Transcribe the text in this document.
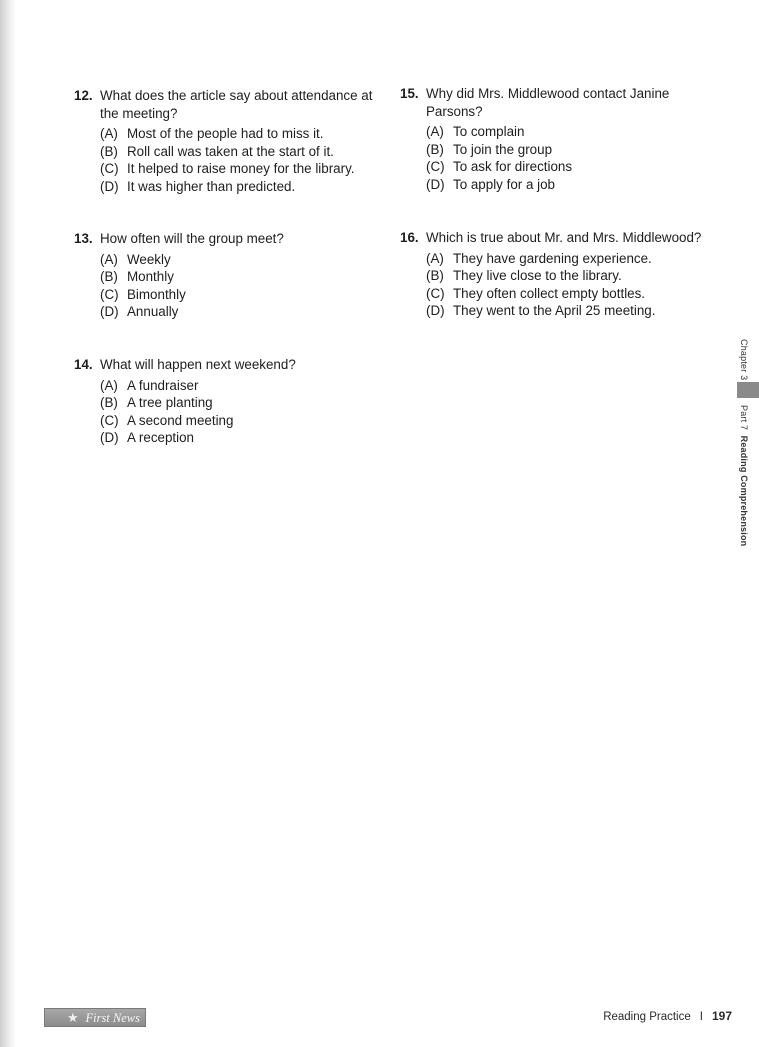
12. What does the article say about attendance at the meeting?
(A) Most of the people had to miss it.
(B) Roll call was taken at the start of it.
(C) It helped to raise money for the library.
(D) It was higher than predicted.
13. How often will the group meet?
(A) Weekly
(B) Monthly
(C) Bimonthly
(D) Annually
14. What will happen next weekend?
(A) A fundraiser
(B) A tree planting
(C) A second meeting
(D) A reception
15. Why did Mrs. Middlewood contact Janine Parsons?
(A) To complain
(B) To join the group
(C) To ask for directions
(D) To apply for a job
16. Which is true about Mr. and Mrs. Middlewood?
(A) They have gardening experience.
(B) They live close to the library.
(C) They often collect empty bottles.
(D) They went to the April 25 meeting.
Chapter 3
Part 7  Reading Comprehension
★ First News	Reading Practice I 197
